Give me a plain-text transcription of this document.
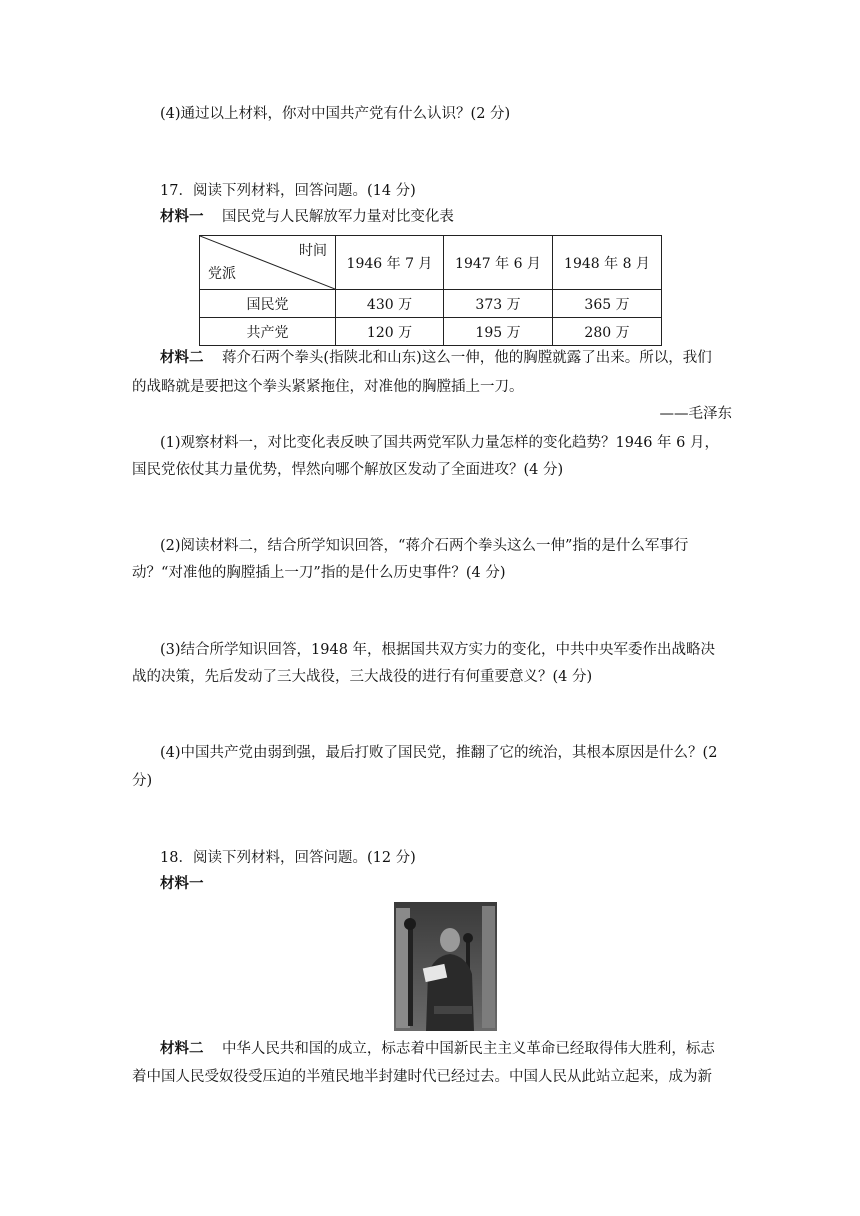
(4)通过以上材料，你对中国共产党有什么认识？(2 分)
17．阅读下列材料，回答问题。(14 分)
材料一 国民党与人民解放军力量对比变化表
时间
党派	1946 年 7 月	1947 年 6 月	1948 年 8 月
国民党	430 万	373 万	365 万
共产党	120 万	195 万	280 万
材料二 蒋介石两个拳头(指陕北和山东)这么一伸，他的胸膛就露了出来。所以，我们
的战略就是要把这个拳头紧紧拖住，对准他的胸膛插上一刀。
——毛泽东
(1)观察材料一，对比变化表反映了国共两党军队力量怎样的变化趋势？1946 年 6 月，
国民党依仗其力量优势，悍然向哪个解放区发动了全面进攻？(4 分)
(2)阅读材料二，结合所学知识回答，“蒋介石两个拳头这么一伸”指的是什么军事行
动？“对准他的胸膛插上一刀”指的是什么历史事件？(4 分)
(3)结合所学知识回答，1948 年，根据国共双方实力的变化，中共中央军委作出战略决
战的决策，先后发动了三大战役，三大战役的进行有何重要意义？(4 分)
(4)中国共产党由弱到强，最后打败了国民党，推翻了它的统治，其根本原因是什么？(2
分)
18．阅读下列材料，回答问题。(12 分)
材料一
材料二 中华人民共和国的成立，标志着中国新民主主义革命已经取得伟大胜利，标志
着中国人民受奴役受压迫的半殖民地半封建时代已经过去。中国人民从此站立起来，成为新
